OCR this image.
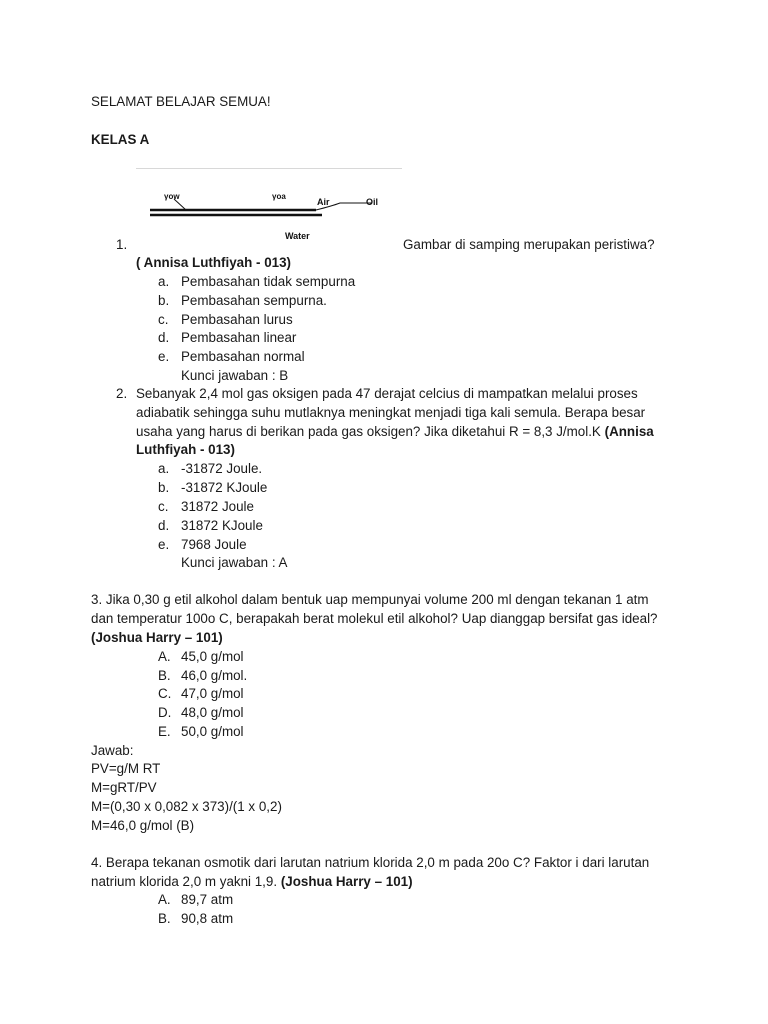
SELAMAT BELAJAR SEMUA!
KELAS A
γow	γoa
Air	Oil
Water
1.	Gambar di samping merupakan peristiwa?
( Annisa Luthfiyah - 013)
a. Pembasahan tidak sempurna
b. Pembasahan sempurna.
c. Pembasahan lurus
d. Pembasahan linear
e. Pembasahan normal
Kunci jawaban : B
2. Sebanyak 2,4 mol gas oksigen pada 47 derajat celcius di mampatkan melalui proses
adiabatik sehingga suhu mutlaknya meningkat menjadi tiga kali semula. Berapa besar
usaha yang harus di berikan pada gas oksigen? Jika diketahui R = 8,3 J/mol.K (Annisa
Luthfiyah - 013)
a. -31872 Joule.
b. -31872 KJoule
c. 31872 Joule
d. 31872 KJoule
e. 7968 Joule
Kunci jawaban : A
3. Jika 0,30 g etil alkohol dalam bentuk uap mempunyai volume 200 ml dengan tekanan 1 atm
dan temperatur 100o C, berapakah berat molekul etil alkohol? Uap dianggap bersifat gas ideal?
(Joshua Harry – 101)
A. 45,0 g/mol
B. 46,0 g/mol.
C. 47,0 g/mol
D. 48,0 g/mol
E. 50,0 g/mol
Jawab:
PV=g/M RT
M=gRT/PV
M=(0,30 x 0,082 x 373)/(1 x 0,2)
M=46,0 g/mol (B)
4. Berapa tekanan osmotik dari larutan natrium klorida 2,0 m pada 20o C? Faktor i dari larutan
natrium klorida 2,0 m yakni 1,9. (Joshua Harry – 101)
A. 89,7 atm
B. 90,8 atm
